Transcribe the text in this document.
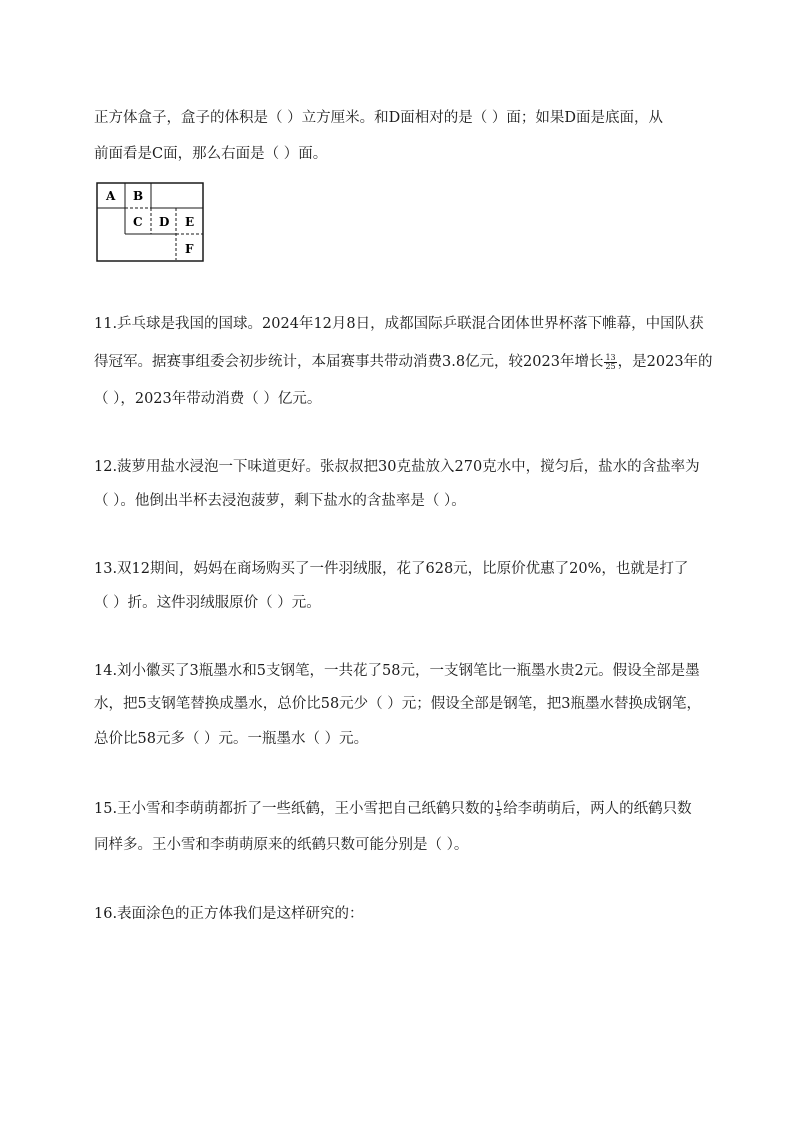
正方体盒子，盒子的体积是（ ）立方厘米。和D面相对的是（ ）面；如果D面是底面，从
前面看是C面，那么右面是（ ）面。
A B
C D E
F
11.乒乓球是我国的国球。2024年12月8日，成都国际乒联混合团体世界杯落下帷幕，中国队获
得冠军。据赛事组委会初步统计，本届赛事共带动消费3.8亿元，较2023年增长 $\frac{13}{25}$ ，是2023年的
（ ），2023年带动消费（ ）亿元。
12.菠萝用盐水浸泡一下味道更好。张叔叔把30克盐放入270克水中，搅匀后，盐水的含盐率为
（ ）。他倒出半杯去浸泡菠萝，剩下盐水的含盐率是（ ）。
13.双12期间，妈妈在商场购买了一件羽绒服，花了628元，比原价优惠了20%，也就是打了
（ ）折。这件羽绒服原价（ ）元。
14.刘小徽买了3瓶墨水和5支钢笔，一共花了58元，一支钢笔比一瓶墨水贵2元。假设全部是墨
水，把5支钢笔替换成墨水，总价比58元少（ ）元；假设全部是钢笔，把3瓶墨水替换成钢笔，
总价比58元多（ ）元。一瓶墨水（ ）元。
15.王小雪和李萌萌都折了一些纸鹤，王小雪把自己纸鹤只数的 $\frac{1}{5}$ 给李萌萌后，两人的纸鹤只数
同样多。王小雪和李萌萌原来的纸鹤只数可能分别是（ ）。
16.表面涂色的正方体我们是这样研究的：
